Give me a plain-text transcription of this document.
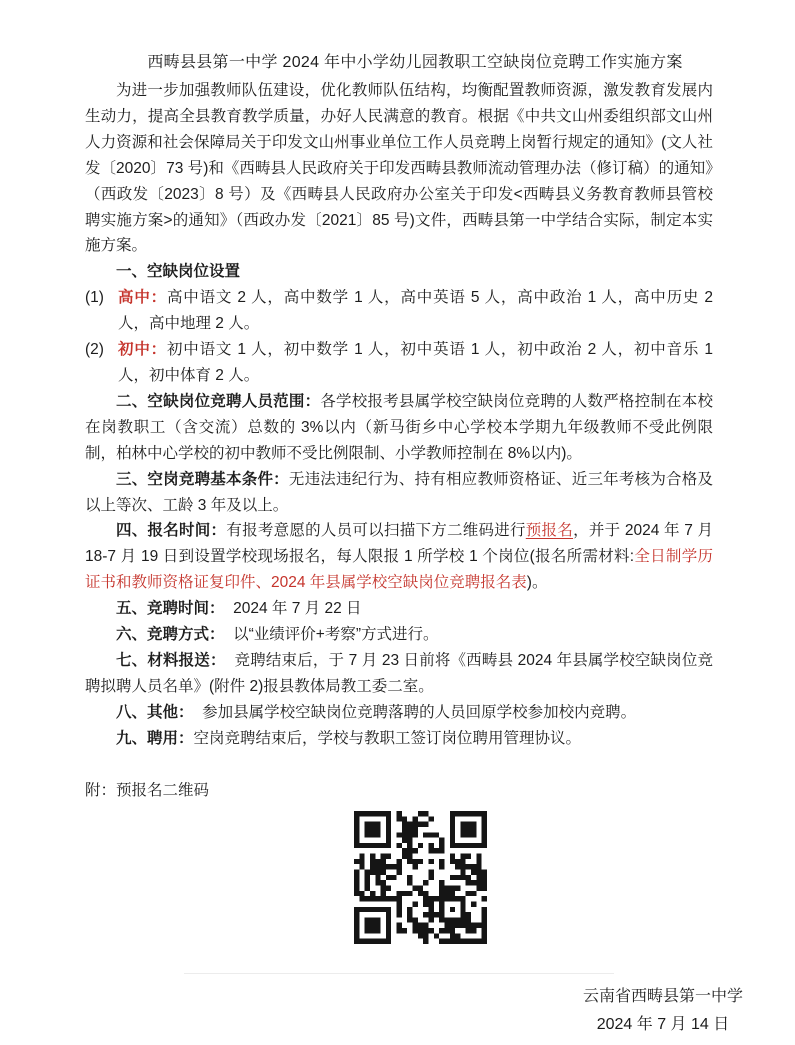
西畴县县第一中学 2024 年中小学幼儿园教职工空缺岗位竞聘工作实施方案
为进一步加强教师队伍建设，优化教师队伍结构，均衡配置教师资源，激发教育发展内生动力，提高全县教育教学质量，办好人民满意的教育。根据《中共文山州委组织部文山州人力资源和社会保障局关于印发文山州事业单位工作人员竞聘上岗暂行规定的通知》(文人社发〔2020〕73 号)和《西畴县人民政府关于印发西畴县教师流动管理办法（修订稿）的通知》（西政发〔2023〕8 号）及《西畴县人民政府办公室关于印发<西畴县义务教育教师县管校聘实施方案>的通知》（西政办发〔2021〕85 号)文件，西畴县第一中学结合实际，制定本实施方案。
一、空缺岗位设置
(1) 高中：高中语文 2 人，高中数学 1 人，高中英语 5 人，高中政治 1 人，高中历史 2 人，高中地理 2 人。
(2) 初中：初中语文 1 人，初中数学 1 人，初中英语 1 人，初中政治 2 人，初中音乐 1 人，初中体育 2 人。
二、空缺岗位竞聘人员范围：各学校报考县属学校空缺岗位竞聘的人数严格控制在本校在岗教职工（含交流）总数的 3%以内（新马街乡中心学校本学期九年级教师不受此例限制，柏林中心学校的初中教师不受比例限制、小学教师控制在 8%以内)。
三、空岗竞聘基本条件：无违法违纪行为、持有相应教师资格证、近三年考核为合格及以上等次、工龄 3 年及以上。
四、报名时间：有报考意愿的人员可以扫描下方二维码进行预报名，并于 2024 年 7 月 18-7 月 19 日到设置学校现场报名，每人限报 1 所学校 1 个岗位(报名所需材料:全日制学历证书和教师资格证复印件、2024 年县属学校空缺岗位竞聘报名表)。
五、竞聘时间：  2024 年 7 月 22 日
六、竞聘方式：  以“业绩评价+考察”方式进行。
七、材料报送：  竞聘结束后，于 7 月 23 日前将《西畴县 2024 年县属学校空缺岗位竞聘拟聘人员名单》(附件 2)报县教体局教工委二室。
八、其他：  参加县属学校空缺岗位竞聘落聘的人员回原学校参加校内竞聘。
九、聘用：空岗竞聘结束后，学校与教职工签订岗位聘用管理协议。
附：预报名二维码
云南省西畴县第一中学
2024 年 7 月 14 日
